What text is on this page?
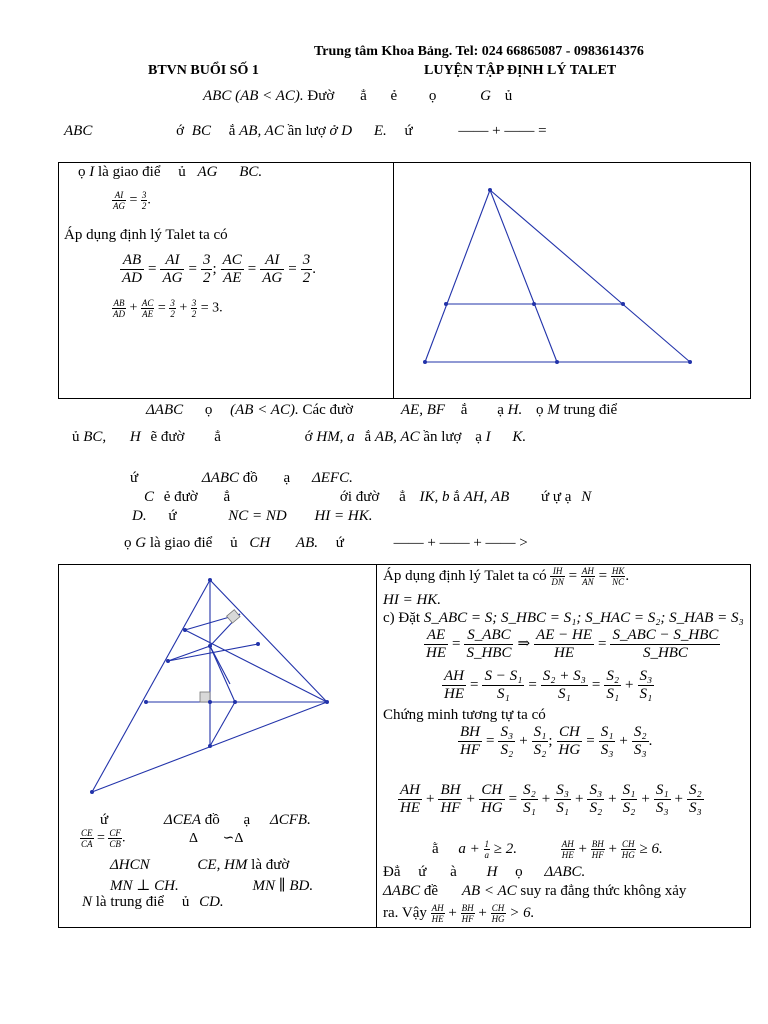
Trung tâm Khoa Bảng. Tel: 024 66865087 - 0983614376
BTVN BUỔI SỐ 1	LUYỆN TẬP ĐỊNH LÝ TALET
ABC (AB < AC). Đườ ẳ ẻ ọ	G ủ
ABC	ớ BC ắ AB, AC ần lượ ở D E. ứ	—— + —— =
ọ I là giao điể ủ AG BC.
$\frac{AI}{AG} = \frac{3}{2}$ .
Áp dụng định lý Talet ta có
$\frac{AB}{AD} = \frac{AI}{AG} = \frac{3}{2}$ ; $\frac{AC}{AE} = \frac{AI}{AG} = \frac{3}{2}$ .
$\frac{AB}{AD} + \frac{AC}{AE} = \frac{3}{2} + \frac{3}{2} = 3$.
ΔABC ọ (AB < AC). Các đườ	AE, BF ắ ạ H. ọ M trung điể
ủ BC, H ẽ đườ ẳ	ớ HM, a ắ AB, AC ần lượ ạ I K.
ứ	ΔABC đồ ạ ΔEFC.
C ẻ đườ ẳ	ới đườ ẳ IK, b ắ AH, AB ứ ự ạ N
D. ứ	NC = ND HI = HK.
ọ G là giao điể ủ CH AB. ứ	—— + —— + —— >
ứ	ΔCEA đồ ạ ΔCFB.
$\frac{CE}{CA} = \frac{CF}{CB}$ .	Δ ∽Δ
ΔHCN	CE, HM là đườ
MN ⊥ CH.	MN ∥ BD.
N là trung điể ủ CD.
Áp dụng định lý Talet ta có $\frac{IH}{DN} = \frac{AH}{AN} = \frac{HK}{NC}$ .
HI = HK.
c) Đặt S_ABC = S; S_HBC = S₁; S_HAC = S₂; S_HAB = S₃
$\frac{AE}{HE}$ =
S_ABC
S_HBC
⇒ $\frac{AE - HE}{HE}$ =
S_ABC − S_HBC
S_HBC
$\frac{AH}{HE} = \frac{\text{S − S₁}}{\text{S₁}} = \frac{\text{S₂ + S₃}}{\text{S₁}} = \frac{\text{S₂}}{\text{S₁}} + \frac{\text{S₃}}{\text{S₁}}$
Chứng minh tương tự ta có
$\frac{BH}{HF} = \frac{\text{S₃}}{\text{S₂}} + \frac{\text{S₁}}{\text{S₂}}$ ; $\frac{CH}{HG} = \frac{\text{S₁}}{\text{S₃}} + \frac{\text{S₂}}{\text{S₃}}$ .
$\frac{AH}{HE} + \frac{BH}{HF} + \frac{CH}{HG} = \frac{\text{S₂}}{\text{S₁}} + \frac{\text{S₃}}{\text{S₁}} + \frac{\text{S₃}}{\text{S₂}} + \frac{\text{S₁}}{\text{S₂}} + \frac{\text{S₁}}{\text{S₃}} + \frac{\text{S₂}}{\text{S₃}}$
ằ $a + \frac{1}{a} \ge 2$.	$\frac{AH}{HE} + \frac{BH}{HF} + \frac{CH}{HG} \ge 6$.
Đẳ ứ à H ọ ΔABC.
ΔABC đề AB < AC suy ra đẳng thức không xảy
ra. Vậy $\frac{AH}{HE} + \frac{BH}{HF} + \frac{CH}{HG} > 6$.
